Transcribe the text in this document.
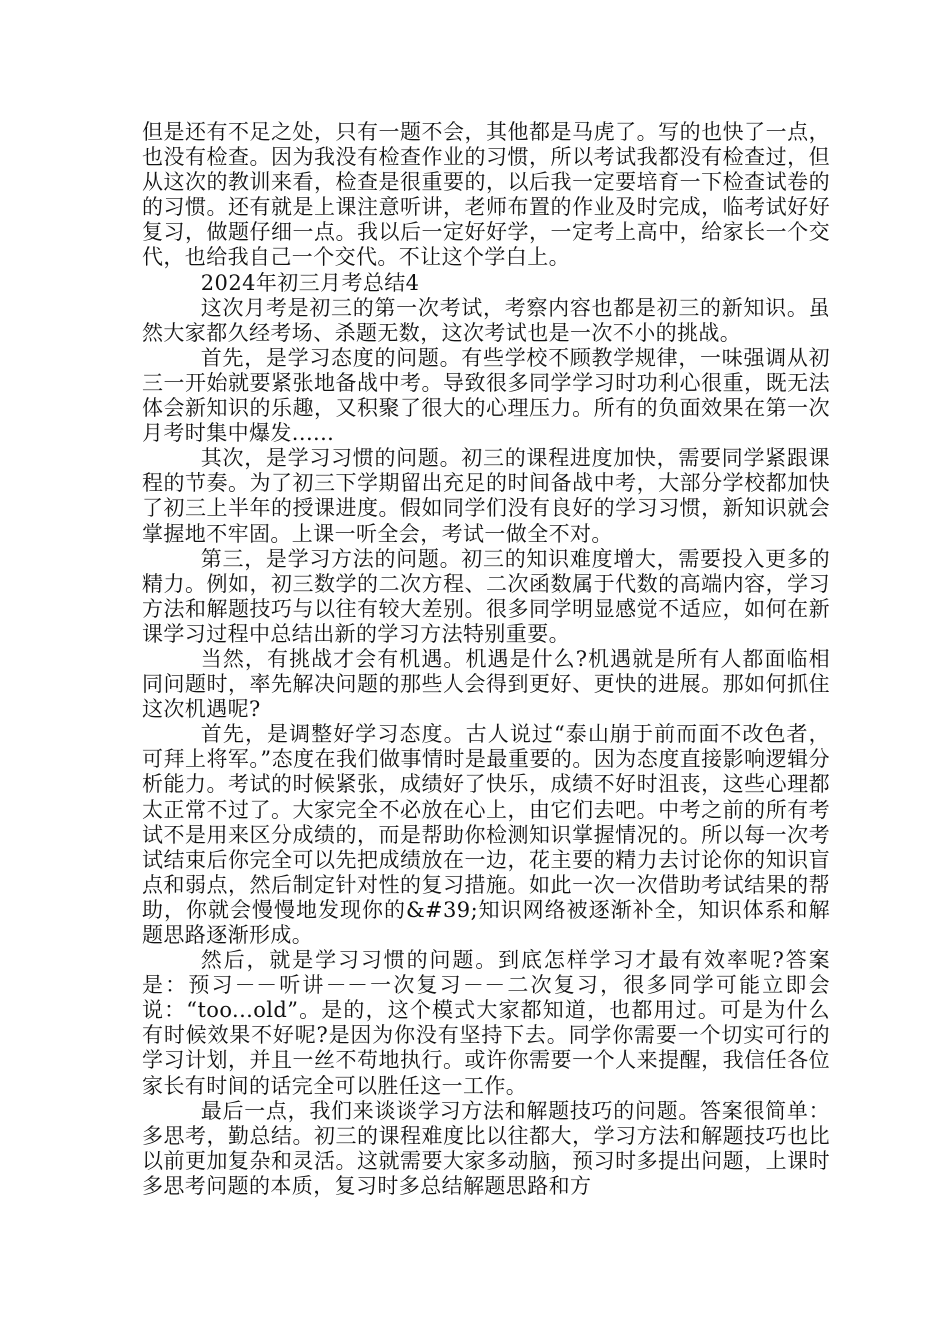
但是还有不足之处，只有一题不会，其他都是马虎了。写的也快了一点，也没有检查。因为我没有检查作业的习惯，所以考试我都没有检查过，但从这次的教训来看，检查是很重要的，以后我一定要培育一下检查试卷的的习惯。还有就是上课注意听讲，老师布置的作业及时完成，临考试好好复习，做题仔细一点。我以后一定好好学，一定考上高中，给家长一个交代，也给我自己一个交代。不让这个学白上。

2024年初三月考总结4

这次月考是初三的第一次考试，考察内容也都是初三的新知识。虽然大家都久经考场、杀题无数，这次考试也是一次不小的挑战。

首先，是学习态度的问题。有些学校不顾教学规律，一味强调从初三一开始就要紧张地备战中考。导致很多同学学习时功利心很重，既无法体会新知识的乐趣，又积聚了很大的心理压力。所有的负面效果在第一次月考时集中爆发......

其次，是学习习惯的问题。初三的课程进度加快，需要同学紧跟课程的节奏。为了初三下学期留出充足的时间备战中考，大部分学校都加快了初三上半年的授课进度。假如同学们没有良好的学习习惯，新知识就会掌握地不牢固。上课一听全会，考试一做全不对。

第三，是学习方法的问题。初三的知识难度增大，需要投入更多的精力。例如，初三数学的二次方程、二次函数属于代数的高端内容，学习方法和解题技巧与以往有较大差别。很多同学明显感觉不适应，如何在新课学习过程中总结出新的学习方法特别重要。

当然，有挑战才会有机遇。机遇是什么?机遇就是所有人都面临相同问题时，率先解决问题的那些人会得到更好、更快的进展。那如何抓住这次机遇呢?

首先，是调整好学习态度。古人说过“泰山崩于前而面不改色者，可拜上将军。”态度在我们做事情时是最重要的。因为态度直接影响逻辑分析能力。考试的时候紧张，成绩好了快乐，成绩不好时沮丧，这些心理都太正常不过了。大家完全不必放在心上，由它们去吧。中考之前的所有考试不是用来区分成绩的，而是帮助你检测知识掌握情况的。所以每一次考试结束后你完全可以先把成绩放在一边，花主要的精力去讨论你的知识盲点和弱点，然后制定针对性的复习措施。如此一次一次借助考试结果的帮助，你就会慢慢地发现你的&#39;知识网络被逐渐补全，知识体系和解题思路逐渐形成。

然后，就是学习习惯的问题。到底怎样学习才最有效率呢?答案是：预习－－听讲－－一次复习－－二次复习，很多同学可能立即会说：“too...old”。是的，这个模式大家都知道，也都用过。可是为什么有时候效果不好呢?是因为你没有坚持下去。同学你需要一个切实可行的学习计划，并且一丝不苟地执行。或许你需要一个人来提醒，我信任各位家长有时间的话完全可以胜任这一工作。

最后一点，我们来谈谈学习方法和解题技巧的问题。答案很简单：多思考，勤总结。初三的课程难度比以往都大，学习方法和解题技巧也比以前更加复杂和灵活。这就需要大家多动脑，预习时多提出问题，上课时多思考问题的本质，复习时多总结解题思路和方
